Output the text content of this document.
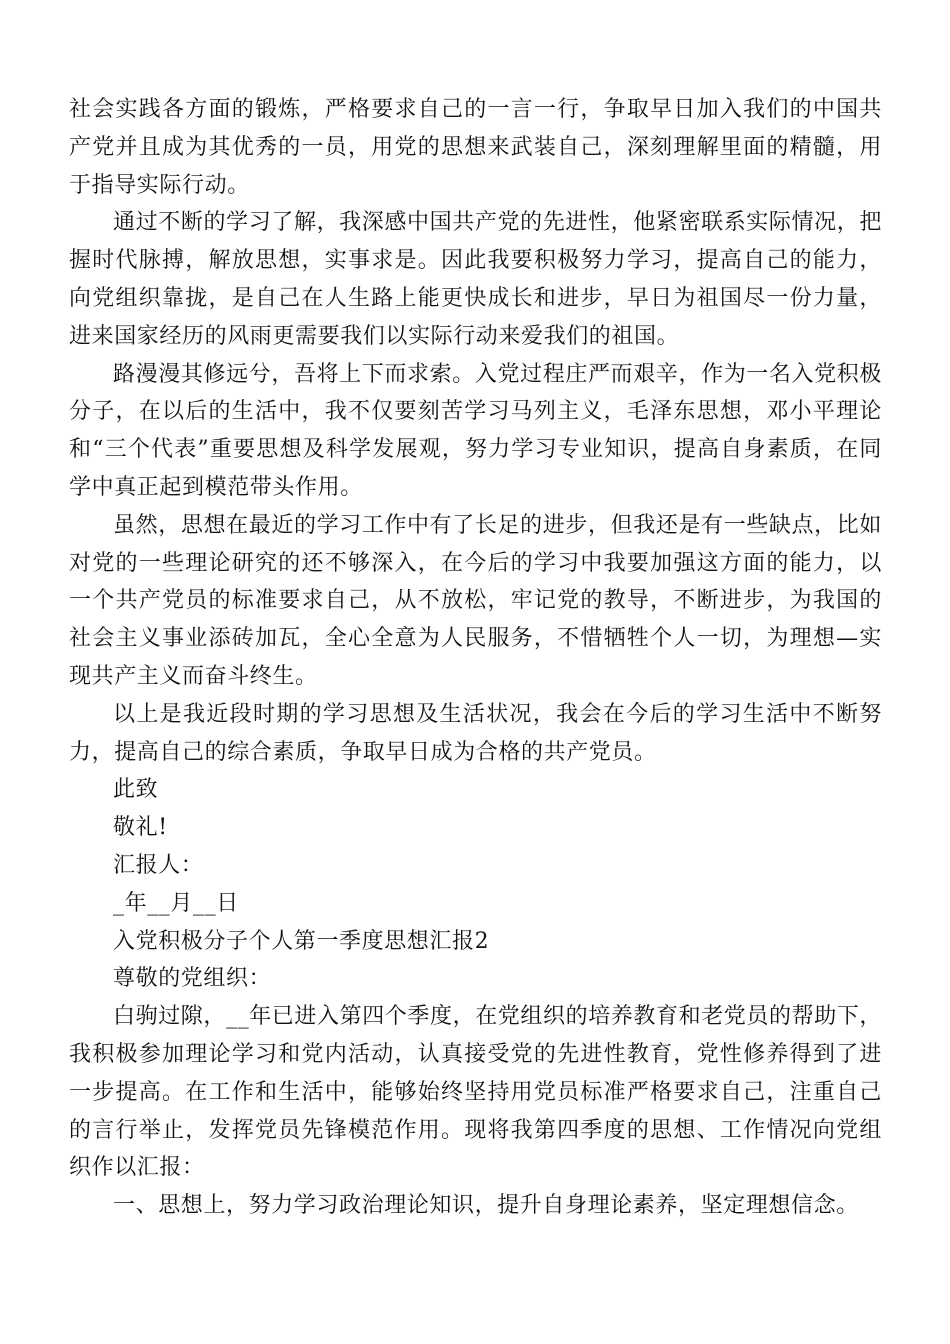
社会实践各方面的锻炼，严格要求自己的一言一行，争取早日加入我们的中国共产党并且成为其优秀的一员，用党的思想来武装自己，深刻理解里面的精髓，用于指导实际行动。

通过不断的学习了解，我深感中国共产党的先进性，他紧密联系实际情况，把握时代脉搏，解放思想，实事求是。因此我要积极努力学习，提高自己的能力，向党组织靠拢，是自己在人生路上能更快成长和进步，早日为祖国尽一份力量，进来国家经历的风雨更需要我们以实际行动来爱我们的祖国。

路漫漫其修远兮，吾将上下而求索。入党过程庄严而艰辛，作为一名入党积极分子，在以后的生活中，我不仅要刻苦学习马列主义，毛泽东思想，邓小平理论和“三个代表”重要思想及科学发展观，努力学习专业知识，提高自身素质，在同学中真正起到模范带头作用。

虽然，思想在最近的学习工作中有了长足的进步，但我还是有一些缺点，比如对党的一些理论研究的还不够深入，在今后的学习中我要加强这方面的能力，以一个共产党员的标准要求自己，从不放松，牢记党的教导，不断进步，为我国的社会主义事业添砖加瓦，全心全意为人民服务，不惜牺牲个人一切，为理想—实现共产主义而奋斗终生。

以上是我近段时期的学习思想及生活状况，我会在今后的学习生活中不断努力，提高自己的综合素质，争取早日成为合格的共产党员。

此致

敬礼!

汇报人：

_年__月__日

入党积极分子个人第一季度思想汇报2

尊敬的党组织：

白驹过隙，__年已进入第四个季度，在党组织的培养教育和老党员的帮助下，我积极参加理论学习和党内活动，认真接受党的先进性教育，党性修养得到了进一步提高。在工作和生活中，能够始终坚持用党员标准严格要求自己，注重自己的言行举止，发挥党员先锋模范作用。现将我第四季度的思想、工作情况向党组织作以汇报：

一、思想上，努力学习政治理论知识，提升自身理论素养，坚定理想信念。
